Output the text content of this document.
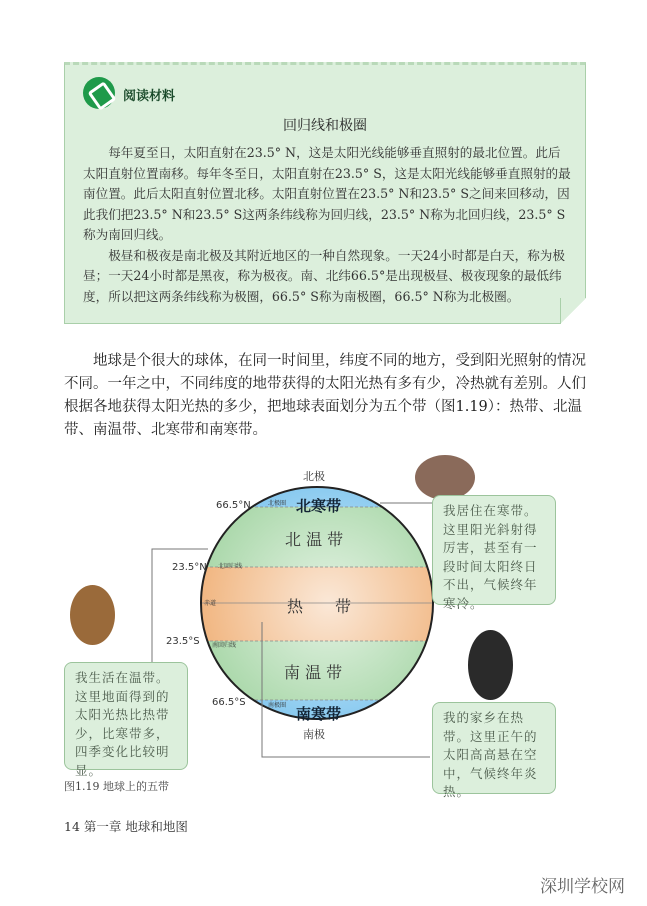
阅读材料
回归线和极圈

每年夏至日，太阳直射在23.5° N，这是太阳光线能够垂直照射的最北位置。此后太阳直射位置南移。每年冬至日，太阳直射在23.5° S，这是太阳光线能够垂直照射的最南位置。此后太阳直射位置北移。太阳直射位置在23.5° N和23.5° S之间来回移动，因此我们把23.5° N和23.5° S这两条纬线称为回归线，23.5° N称为北回归线，23.5° S称为南回归线。

极昼和极夜是南北极及其附近地区的一种自然现象。一天24小时都是白天，称为极昼；一天24小时都是黑夜，称为极夜。南、北纬66.5°是出现极昼、极夜现象的最低纬度，所以把这两条纬线称为极圈，66.5° S称为南极圈，66.5° N称为北极圈。

地球是个很大的球体，在同一时间里，纬度不同的地方，受到阳光照射的情况不同。一年之中，不同纬度的地带获得的太阳光热有多有少，冷热就有差别。人们根据各地获得太阳光热的多少，把地球表面划分为五个带（图1.19）：热带、北温带、南温带、北寒带和南寒带。

北极
南极
66.5°N
23.5°N
23.5°S
66.5°S
北极圈
北回归线
赤道
南回归线
南极圈
北寒带
北 温 带
热 带
南 温 带
南寒带
我居住在寒带。这里阳光斜射得厉害，甚至有一段时间太阳终日不出，气候终年寒冷。
我生活在温带。这里地面得到的太阳光热比热带少，比寒带多，四季变化比较明显。
我的家乡在热带。这里正午的太阳高高悬在空中，气候终年炎热。
图1.19 地球上的五带
14 第一章 地球和地图
深圳学校网
